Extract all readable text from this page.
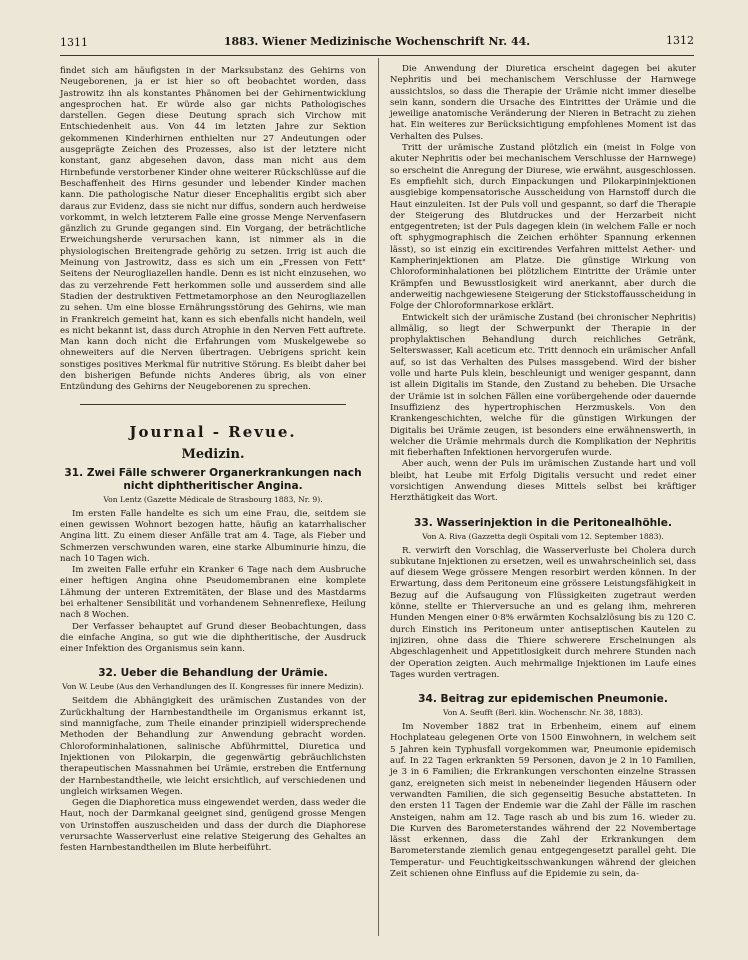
1311	1883. Wiener Medizinische Wochenschrift Nr. 44.	1312

findet sich am häufigsten in der Marksubstanz des Gehirns von Neugeborenen, ja er ist hier so oft beobachtet worden, dass Jastrowitz ihn als konstantes Phänomen bei der Gehirnentwicklung angesprochen hat. Er würde also gar nichts Pathologisches darstellen. Gegen diese Deutung sprach sich Virchow mit Entschiedenheit aus. Von 44 im letzten Jahre zur Sektion gekommenen Kinderhirnen enthielten nur 27 Andeutungen oder ausgeprägte Zeichen des Prozesses, also ist der letztere nicht konstant, ganz abgesehen davon, dass man nicht aus dem Hirnbefunde verstorbener Kinder ohne weiterer Rückschlüsse auf die Beschaffenheit des Hirns gesunder und lebender Kinder machen kann. Die pathologische Natur dieser Encephalitis ergibt sich aber daraus zur Evidenz, dass sie nicht nur diffus, sondern auch herdweise vorkommt, in welch letzterem Falle eine grosse Menge Nervenfasern gänzlich zu Grunde gegangen sind. Ein Vorgang, der beträchtliche Erweichungsherde verursachen kann, ist nimmer als in die physiologischen Breitengrade gehörig zu setzen. Irrig ist auch die Meinung von Jastrowitz, dass es sich um ein „Fressen von Fett" Seitens der Neurogliazellen handle. Denn es ist nicht einzusehen, wo das zu verzehrende Fett herkommen solle und ausserdem sind alle Stadien der destruktiven Fettmetamorphose an den Neurogliazellen zu sehen. Um eine blosse Ernährungsstörung des Gehirns, wie man in Frankreich gemeint hat, kann es sich ebenfalls nicht handeln, weil es nicht bekannt ist, dass durch Atrophie in den Nerven Fett auftrete. Man kann doch nicht die Erfahrungen vom Muskelgewebe so ohneweiters auf die Nerven übertragen. Uebrigens spricht kein sonstiges positives Merkmal für nutritive Störung. Es bleibt daher bei den bisherigen Befunde nichts Anderes übrig, als von einer Entzündung des Gehirns der Neugeborenen zu sprechen.

Journal - Revue.
Medizin.
31. Zwei Fälle schwerer Organerkrankungen nach nicht diphtheritischer Angina.
Von Lentz (Gazette Médicale de Strasbourg 1883, Nr. 9).

Im ersten Falle handelte es sich um eine Frau, die, seitdem sie einen gewissen Wohnort bezogen hatte, häufig an katarrhalischer Angina litt. Zu einem dieser Anfälle trat am 4. Tage, als Fieber und Schmerzen verschwunden waren, eine starke Albuminurie hinzu, die nach 10 Tagen wich.

Im zweiten Falle erfuhr ein Kranker 6 Tage nach dem Ausbruche einer heftigen Angina ohne Pseudomembranen eine komplete Lähmung der unteren Extremitäten, der Blase und des Mastdarms bei erhaltener Sensibilität und vorhandenem Sehnenreflexe, Heilung nach 8 Wochen.

Der Verfasser behauptet auf Grund dieser Beobachtungen, dass die einfache Angina, so gut wie die diphtheritische, der Ausdruck einer Infektion des Organismus sein kann.

32. Ueber die Behandlung der Urämie.
Von W. Leube (Aus den Verhandlungen des II. Kongresses für innere Medizin).

Seitdem die Abhängigkeit des urämischen Zustandes von der Zurückhaltung der Harnbestandtheile im Organismus erkannt ist, sind mannigfache, zum Theile einander prinzipiell widersprechende Methoden der Behandlung zur Anwendung gebracht worden. Chloroforminhalationen, salinische Abführmittel, Diuretica und Injektionen von Pilokarpin, die gegenwärtig gebräuchlichsten therapeutischen Massnahmen bei Urämie, erstreben die Entfernung der Harnbestandtheile, wie leicht ersichtlich, auf verschiedenen und ungleich wirksamen Wegen.

Gegen die Diaphoretica muss eingewendet werden, dass weder die Haut, noch der Darmkanal geeignet sind, genügend grosse Mengen von Urinstoffen auszuscheiden und dass der durch die Diaphorese verursachte Wasserverlust eine relative Steigerung des Gehaltes an festen Harnbestandtheilen im Blute herbeiführt.

Die Anwendung der Diuretica erscheint dagegen bei akuter Nephritis und bei mechanischem Verschlusse der Harnwege aussichtslos, so dass die Therapie der Urämie nicht immer dieselbe sein kann, sondern die Ursache des Eintrittes der Urämie und die jeweilige anatomische Veränderung der Nieren in Betracht zu ziehen hat. Ein weiteres zur Berücksichtigung empfohlenes Moment ist das Verhalten des Pulses.

Tritt der urämische Zustand plötzlich ein (meist in Folge von akuter Nephritis oder bei mechanischem Verschlusse der Harnwege) so erscheint die Anregung der Diurese, wie erwähnt, ausgeschlossen. Es empfiehlt sich, durch Einpackungen und Pilokarpininjektionen ausgiebige kompensatorische Ausscheidung von Harnstoff durch die Haut einzuleiten. Ist der Puls voll und gespannt, so darf die Therapie der Steigerung des Blutdruckes und der Herzarbeit nicht entgegentreten; ist der Puls dagegen klein (in welchem Falle er noch oft sphygmographisch die Zeichen erhöhter Spannung erkennen lässt), so ist einzig ein excitirendes Verfahren mittelst Aether- und Kampherinjektionen am Platze. Die günstige Wirkung von Chloroforminhalationen bei plötzlichem Eintritte der Urämie unter Krämpfen und Bewusstlosigkeit wird anerkannt, aber durch die anderweitig nachgewiesene Steigerung der Stickstoffausscheidung in Folge der Chloroformnarkose erklärt.

Entwickelt sich der urämische Zustand (bei chronischer Nephritis) allmälig, so liegt der Schwerpunkt der Therapie in der prophylaktischen Behandlung durch reichliches Getränk, Selterswasser, Kali aceticum etc. Tritt dennoch ein urämischer Anfall auf, so ist das Verhalten des Pulses massgebend. Wird der bisher volle und harte Puls klein, beschleunigt und weniger gespannt, dann ist allein Digitalis im Stande, den Zustand zu beheben. Die Ursache der Urämie ist in solchen Fällen eine vorübergehende oder dauernde Insuffizienz des hypertrophischen Herzmuskels. Von den Krankengeschichten, welche für die günstigen Wirkungen der Digitalis bei Urämie zeugen, ist besonders eine erwähnenswerth, in welcher die Urämie mehrmals durch die Komplikation der Nephritis mit fieberhaften Infektionen hervorgerufen wurde.

Aber auch, wenn der Puls im urämischen Zustande hart und voll bleibt, hat Leube mit Erfolg Digitalis versucht und redet einer vorsichtigen Anwendung dieses Mittels selbst bei kräftiger Herzthätigkeit das Wort.

33. Wasserinjektion in die Peritonealhöhle.
Von A. Riva (Gazzetta degli Ospitali vom 12. September 1883).

R. verwirft den Vorschlag, die Wasserverluste bei Cholera durch subkutane Injektionen zu ersetzen, weil es unwahrscheinlich sei, dass auf diesem Wege grössere Mengen resorbirt werden können. In der Erwartung, dass dem Peritoneum eine grössere Leistungsfähigkeit in Bezug auf die Aufsaugung von Flüssigkeiten zugetraut werden könne, stellte er Thierversuche an und es gelang ihm, mehreren Hunden Mengen einer 0·8% erwärmten Kochsalzlösung bis zu 120 C. durch Einstich ins Peritoneum unter antiseptischen Kautelen zu injiziren, ohne dass die Thiere schwerere Erscheinungen als Abgeschlagenheit und Appetitlosigkeit durch mehrere Stunden nach der Operation zeigten. Auch mehrmalige Injektionen im Laufe eines Tages wurden vertragen.

34. Beitrag zur epidemischen Pneumonie.
Von A. Seufft (Berl. klin. Wochenschr. Nr. 38, 1883).

Im November 1882 trat in Erbenheim, einem auf einem Hochplateau gelegenen Orte von 1500 Einwohnern, in welchem seit 5 Jahren kein Typhusfall vorgekommen war, Pneumonie epidemisch auf. In 22 Tagen erkrankten 59 Personen, davon je 2 in 10 Familien, je 3 in 6 Familien; die Erkrankungen verschonten einzelne Strassen ganz, ereigneten sich meist in nebeneinder liegenden Häusern oder verwandten Familien, die sich gegenseitig Besuche abstatteten. In den ersten 11 Tagen der Endemie war die Zahl der Fälle im raschen Ansteigen, nahm am 12. Tage rasch ab und bis zum 16. wieder zu. Die Kurven des Barometerstandes während der 22 Novembertage lässt erkennen, dass die Zahl der Erkrankungen dem Barometerstande ziemlich genau entgegengesetzt parallel geht. Die Temperatur- und Feuchtigkeitsschwankungen während der gleichen Zeit schienen ohne Einfluss auf die Epidemie zu sein, da-
